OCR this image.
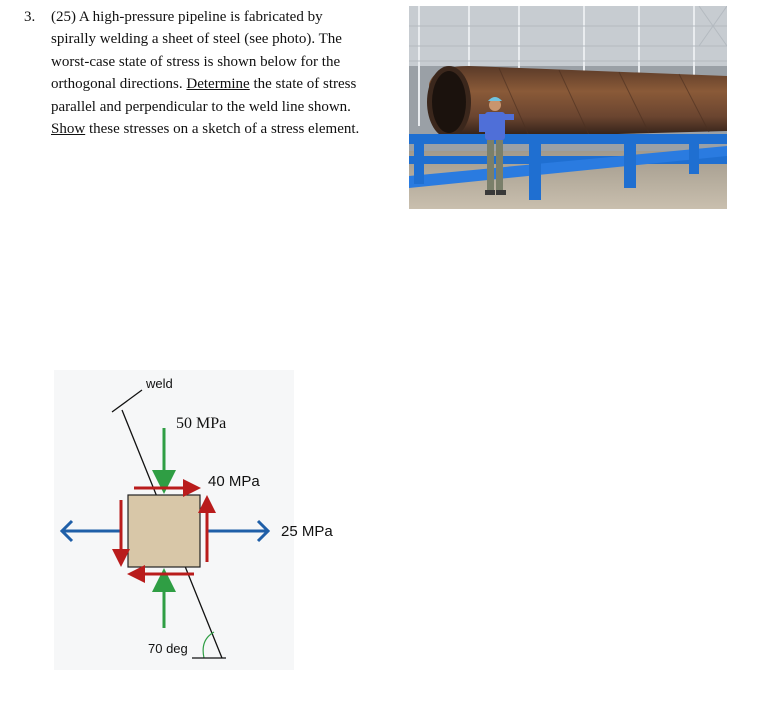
3. (25) A high-pressure pipeline is fabricated by
spirally welding a sheet of steel (see photo). The
worst-case state of stress is shown below for the
orthogonal directions. Determine the state of stress
parallel and perpendicular to the weld line shown.
Show these stresses on a sketch of a stress element.
weld
50 MPa
40 MPa
25 MPa
70 deg
